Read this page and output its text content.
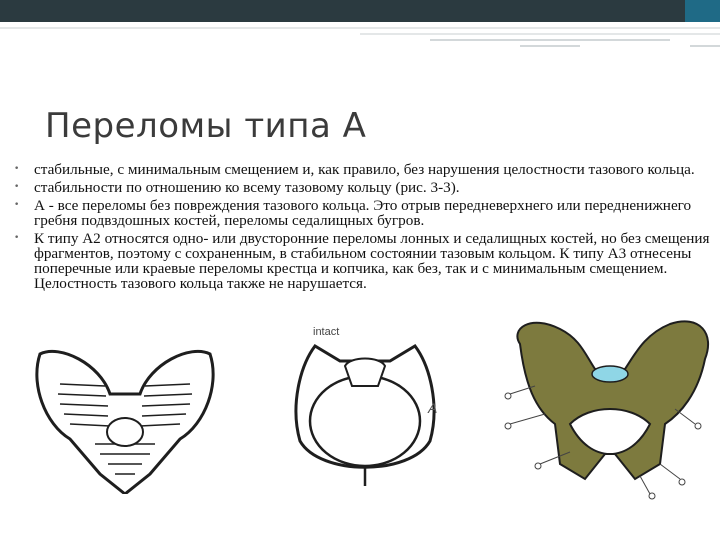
Переломы типа А
• стабильные, с минимальным смещением и, как правило, без нарушения целостности тазового кольца.
• стабильности по отношению ко всему тазовому кольцу (рис. 3-3).
• А - все переломы без повреждения тазового кольца. Это отрыв передневерхнего или передненижнего гребня подвздошных костей, переломы седалищных бугров.
• К типу А2 относятся одно- или двусторонние переломы лонных и седалищных костей, но без смещения фрагментов, поэтому с сохраненным, в стабильном состоянии тазовым кольцом. К типу А3 отнесены поперечные или краевые переломы крестца и копчика, как без, так и с минимальным смещением. Целостность тазового кольца также не нарушается.
intact
A
